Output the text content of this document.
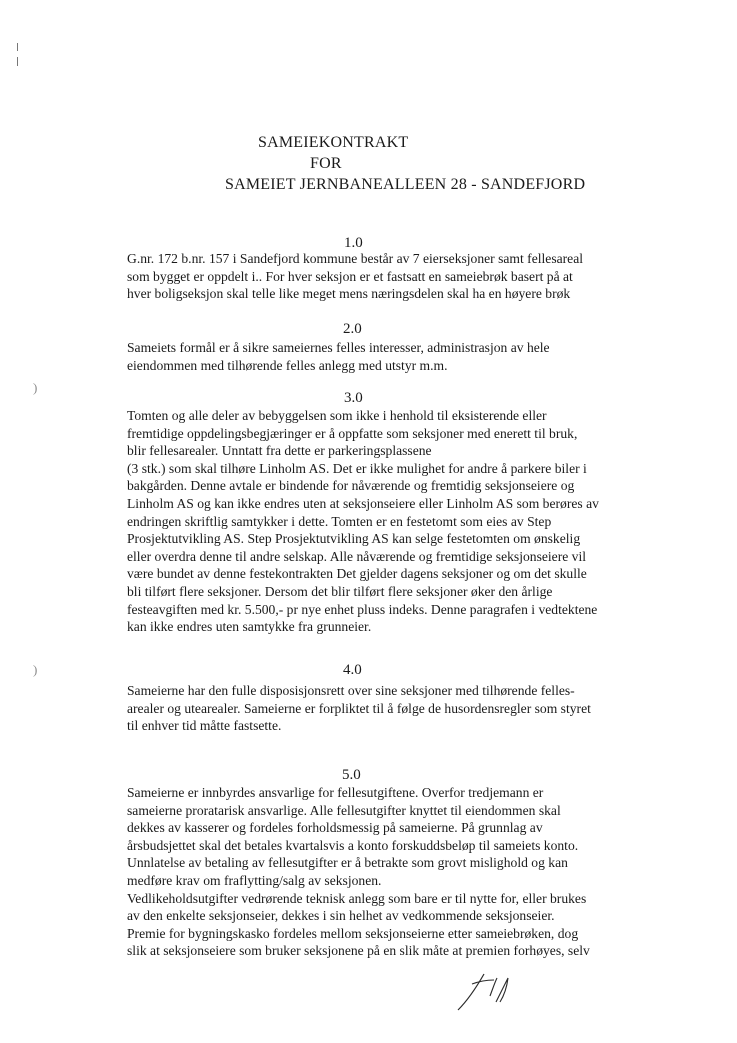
)
)
SAMEIEKONTRAKT
FOR
SAMEIET JERNBANEALLEEN 28 - SANDEFJORD
1.0
G.nr. 172 b.nr. 157 i Sandefjord kommune består av 7 eierseksjoner samt fellesareal
som bygget er oppdelt i.. For hver seksjon er et fastsatt en sameiebrøk basert på at
hver boligseksjon skal telle like meget mens næringsdelen skal ha en høyere brøk
2.0
Sameiets formål er å sikre sameiernes felles interesser, administrasjon av hele
eiendommen med tilhørende felles anlegg med utstyr m.m.
3.0
Tomten og alle deler av bebyggelsen som ikke i henhold til eksisterende eller
fremtidige oppdelingsbegjæringer er å oppfatte som seksjoner med enerett til bruk,
blir fellesarealer. Unntatt fra dette er parkeringsplassene
(3 stk.) som skal tilhøre Linholm AS. Det er ikke mulighet for andre å parkere biler i
bakgården. Denne avtale er bindende for nåværende og fremtidig seksjonseiere og
Linholm AS og kan ikke endres uten at seksjonseiere eller Linholm AS som berøres av
endringen skriftlig samtykker i dette. Tomten er en festetomt som eies av Step
Prosjektutvikling AS. Step Prosjektutvikling AS kan selge festetomten om ønskelig
eller overdra denne til andre selskap. Alle nåværende og fremtidige seksjonseiere vil
være bundet av denne festekontrakten Det gjelder dagens seksjoner og om det skulle
bli tilført flere seksjoner. Dersom det blir tilført flere seksjoner øker den årlige
festeavgiften med kr. 5.500,- pr nye enhet pluss indeks. Denne paragrafen i vedtektene
kan ikke endres uten samtykke fra grunneier.
4.0
Sameierne har den fulle disposisjonsrett over sine seksjoner med tilhørende felles-
arealer og utearealer. Sameierne er forpliktet til å følge de husordensregler som styret
til enhver tid måtte fastsette.
5.0
Sameierne er innbyrdes ansvarlige for fellesutgiftene. Overfor tredjemann er
sameierne proratarisk ansvarlige. Alle fellesutgifter knyttet til eiendommen skal
dekkes av kasserer og fordeles forholdsmessig på sameierne. På grunnlag av
årsbudsjettet skal det betales kvartalsvis a konto forskuddsbeløp til sameiets konto.
Unnlatelse av betaling av fellesutgifter er å betrakte som grovt mislighold og kan
medføre krav om fraflytting/salg av seksjonen.
Vedlikeholdsutgifter vedrørende teknisk anlegg som bare er til nytte for, eller brukes
av den enkelte seksjonseier, dekkes i sin helhet av vedkommende seksjonseier.
Premie for bygningskasko fordeles mellom seksjonseierne etter sameiebrøken, dog
slik at seksjonseiere som bruker seksjonene på en slik måte at premien forhøyes, selv
